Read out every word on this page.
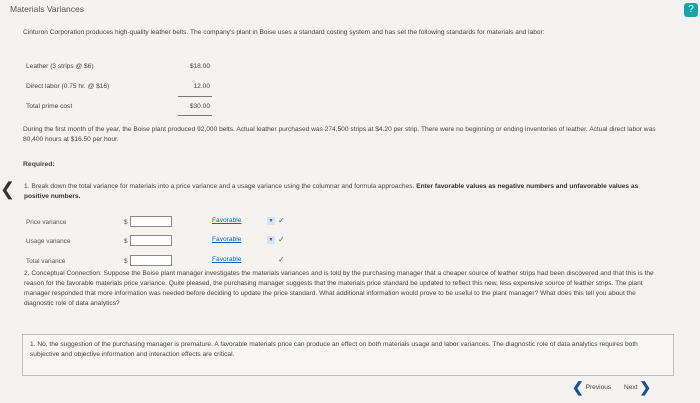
Materials Variances	?
Cinturon Corporation produces high-quality leather belts. The company's plant in Boise uses a standard costing system and has set the following standards for materials and labor:
Leather (3 strips @ $6)	$18.00
Direct labor (0.75 hr. @ $16)	12.00
Total prime cost	$30.00
During the first month of the year, the Boise plant produced 92,000 belts. Actual leather purchased was 274,500 strips at $4.20 per strip. There were no beginning or ending inventories of leather. Actual direct labor was 80,400 hours at $16.50 per hour.
Required:
❮ 1. Break down the total variance for materials into a price variance and a usage variance using the columnar and formula approaches. Enter favorable values as negative numbers and unfavorable values as positive numbers.
Price variance	$	Favorable	▼ ✓
Usage variance	$	Favorable	▼ ✓
Total variance	$	Favorable	✓
2. Conceptual Connection: Suppose the Boise plant manager investigates the materials variances and is told by the purchasing manager that a cheaper source of leather strips had been discovered and that this is the reason for the favorable materials price variance. Quite pleased, the purchasing manager suggests that the materials price standard be updated to reflect this new, less expensive source of leather strips. The plant manager responded that more information was needed before deciding to update the price standard. What additional information would prove to be useful to the plant manager? What does this tell you about the diagnostic role of data analytics?
1. No, the suggestion of the purchasing manager is premature. A favorable materials price can produce an effect on both materials usage and labor variances. The diagnostic role of data analytics requires both subjective and objective information and interaction effects are critical.
❮ Previous Next ❯
